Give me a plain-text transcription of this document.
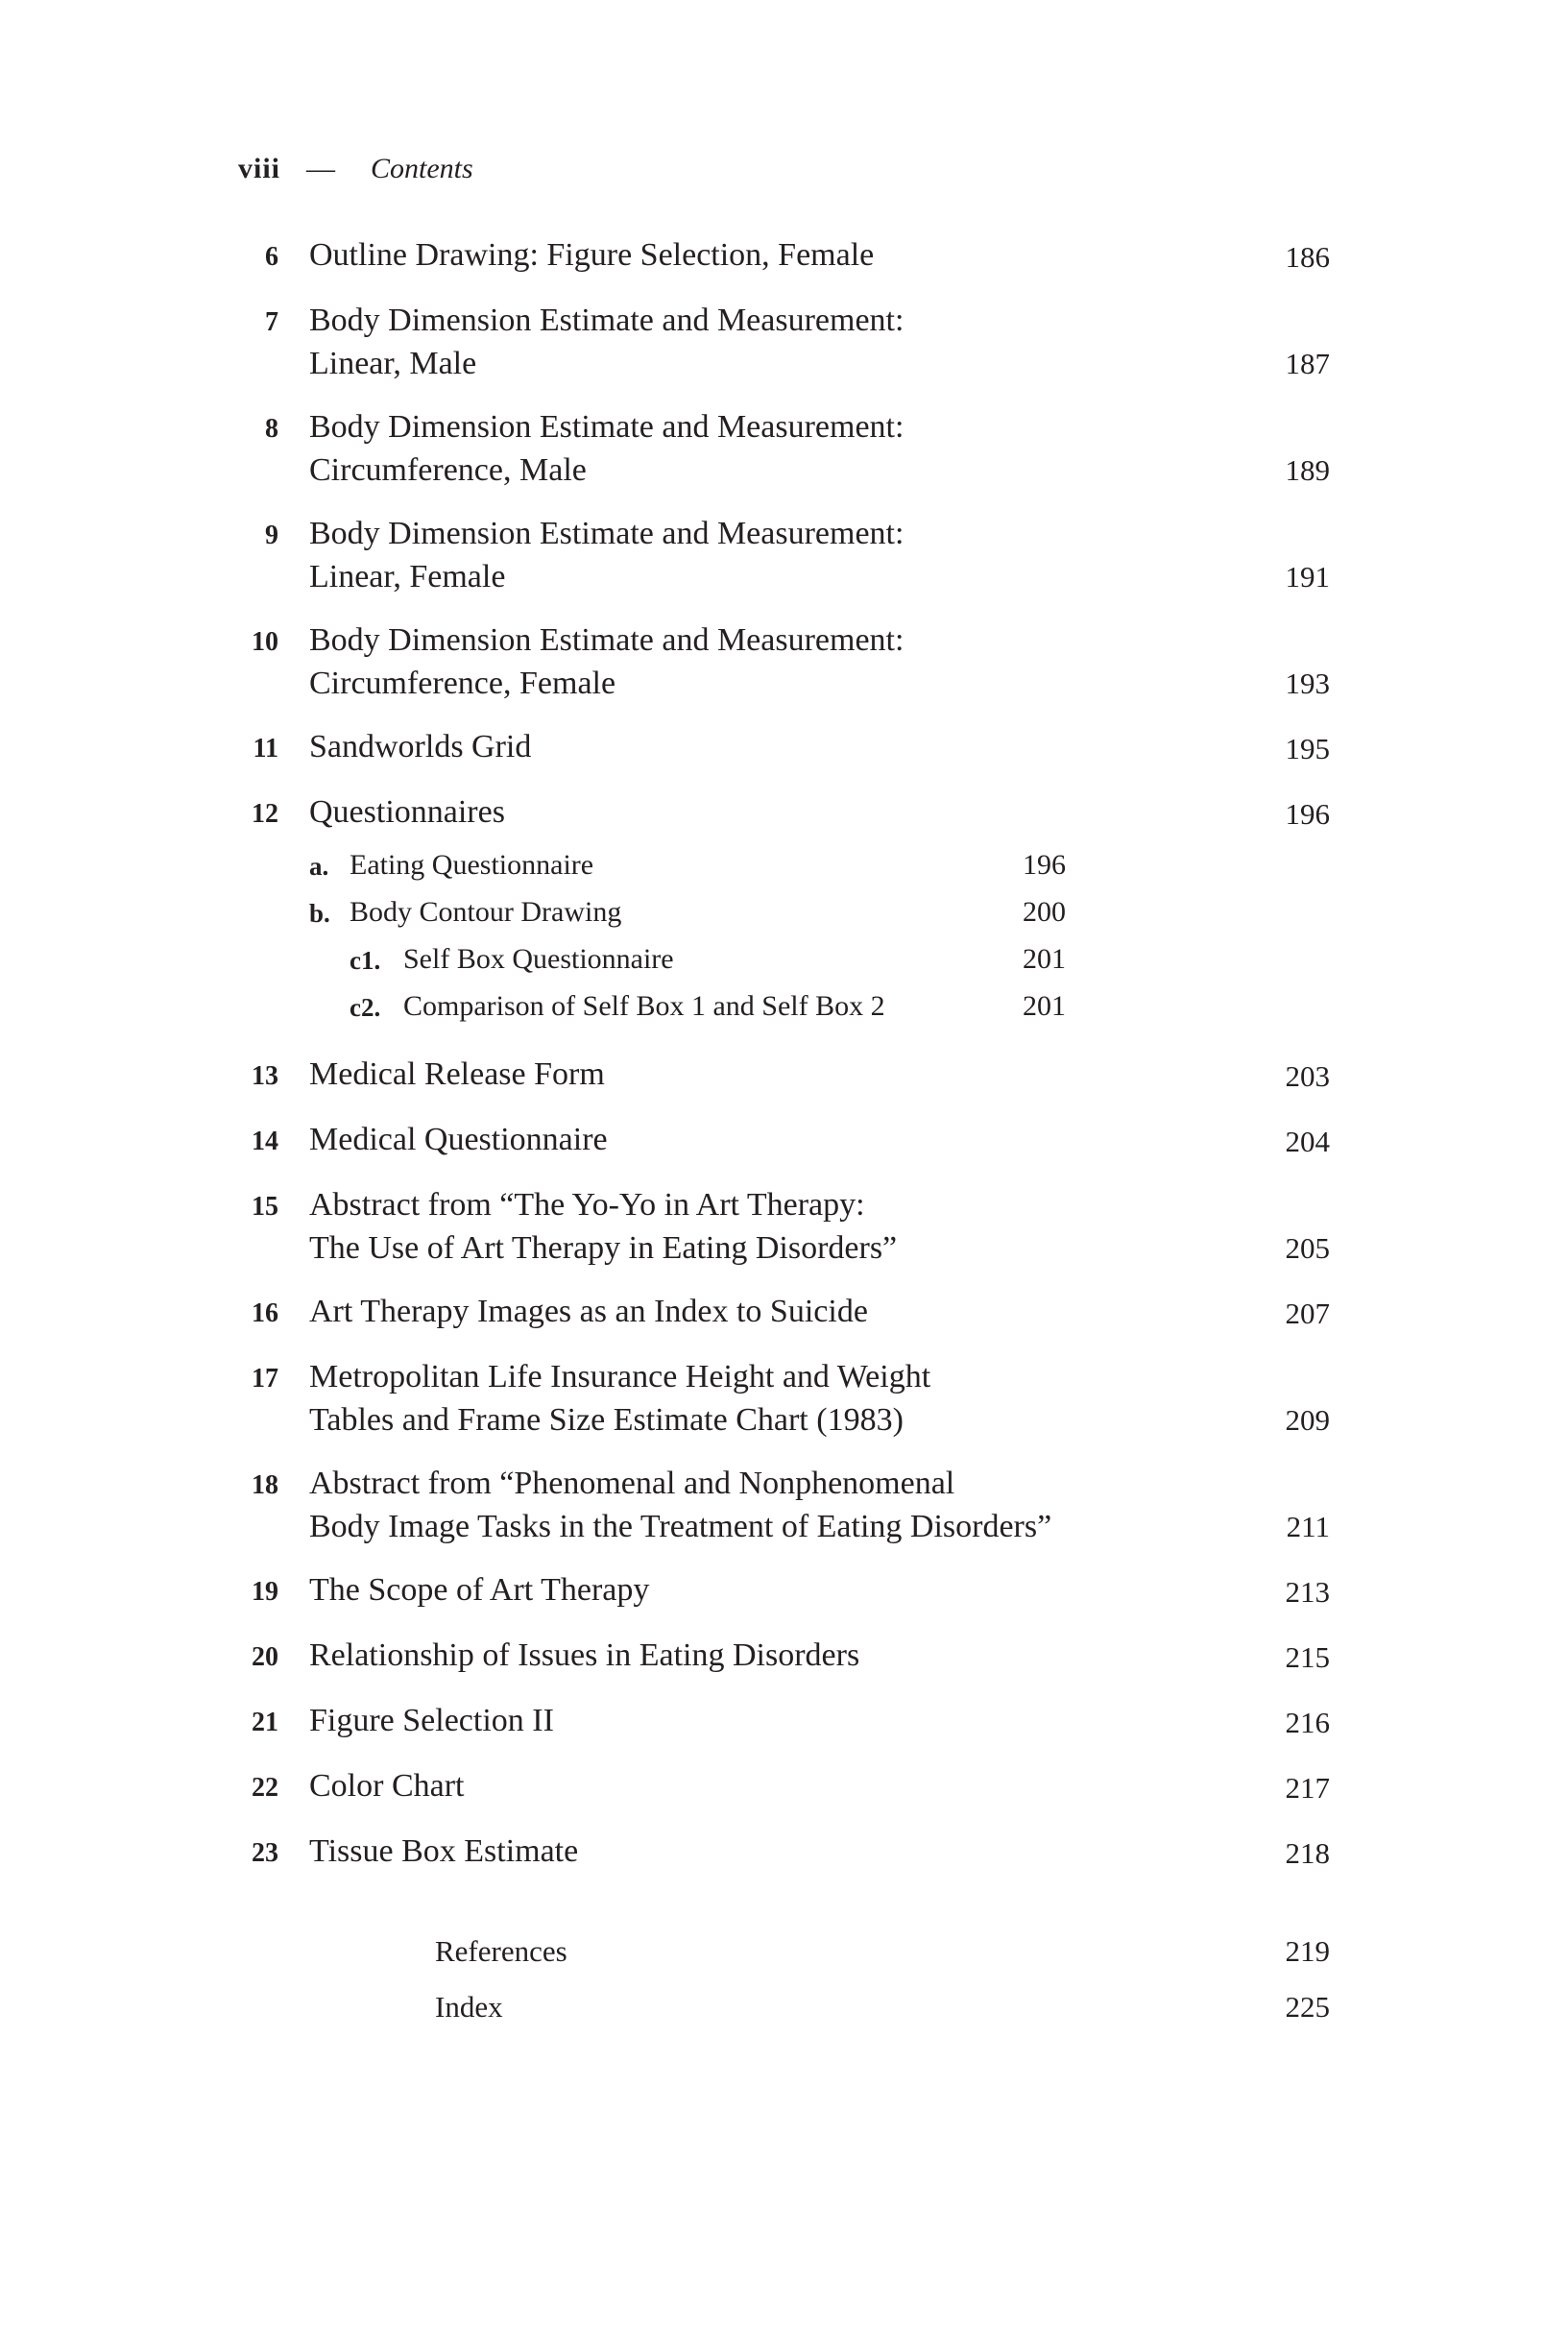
viii — Contents
6 Outline Drawing: Figure Selection, Female	186
7 Body Dimension Estimate and Measurement:
Linear, Male	187
8 Body Dimension Estimate and Measurement:
Circumference, Male	189
9 Body Dimension Estimate and Measurement:
Linear, Female	191
10 Body Dimension Estimate and Measurement:
Circumference, Female	193
11 Sandworlds Grid	195
12 Questionnaires	196
a. Eating Questionnaire	196
b. Body Contour Drawing	200
c1. Self Box Questionnaire	201
c2. Comparison of Self Box 1 and Self Box 2	201
13 Medical Release Form	203
14 Medical Questionnaire	204
15 Abstract from “The Yo-Yo in Art Therapy:
The Use of Art Therapy in Eating Disorders”	205
16 Art Therapy Images as an Index to Suicide	207
17 Metropolitan Life Insurance Height and Weight
Tables and Frame Size Estimate Chart (1983)	209
18 Abstract from “Phenomenal and Nonphenomenal
Body Image Tasks in the Treatment of Eating Disorders”	211
19 The Scope of Art Therapy	213
20 Relationship of Issues in Eating Disorders	215
21 Figure Selection II	216
22 Color Chart	217
23 Tissue Box Estimate	218
References	219
Index	225
